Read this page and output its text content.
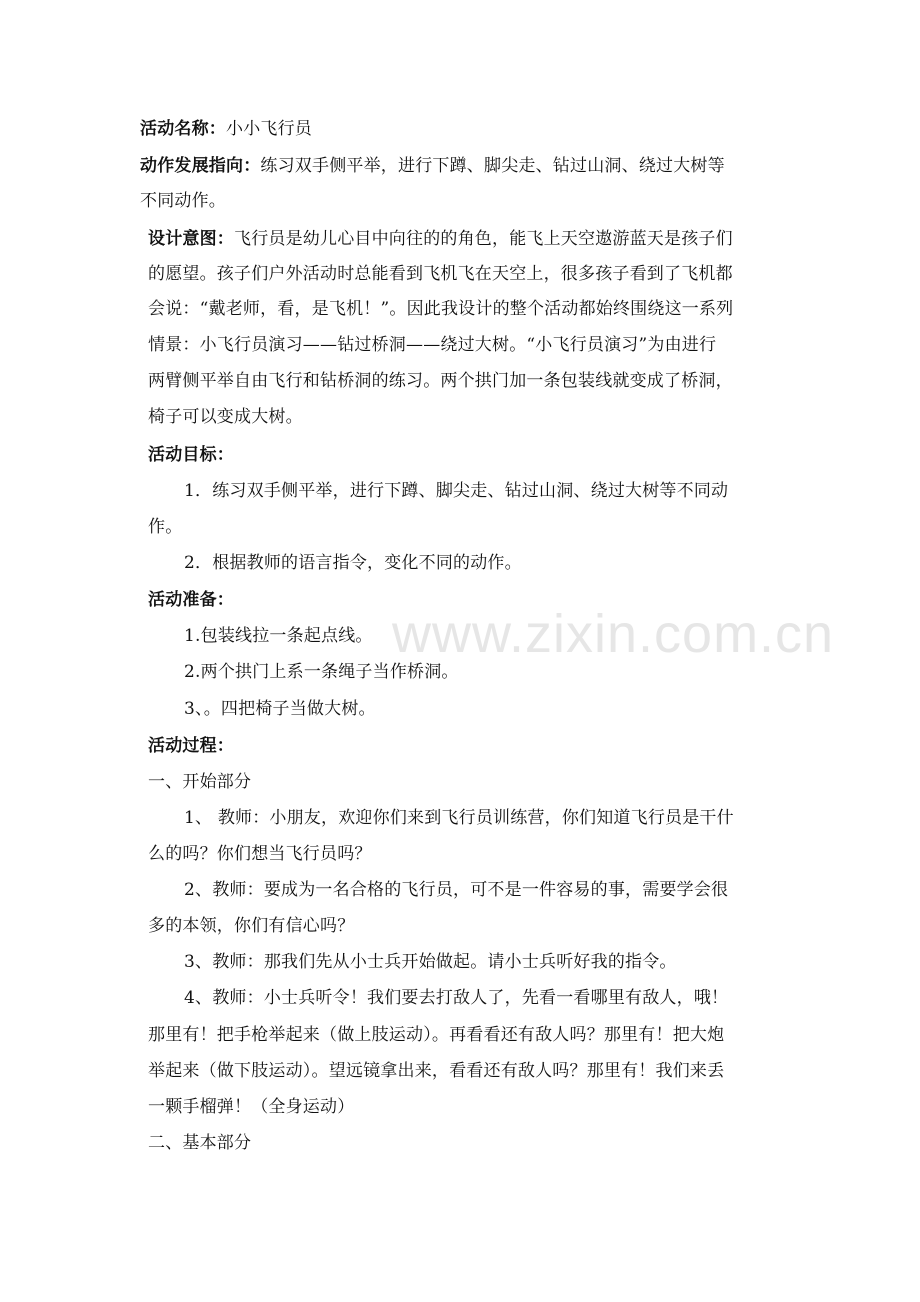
www.zixin.com.cn
活动名称：小小飞行员
动作发展指向：练习双手侧平举，进行下蹲、脚尖走、钻过山洞、绕过大树等
不同动作。
设计意图：飞行员是幼儿心目中向往的的角色，能飞上天空遨游蓝天是孩子们
的愿望。孩子们户外活动时总能看到飞机飞在天空上，很多孩子看到了飞机都
会说：“戴老师，看，是飞机！”。因此我设计的整个活动都始终围绕这一系列
情景：小飞行员演习——钻过桥洞——绕过大树。“小飞行员演习”为由进行
两臂侧平举自由飞行和钻桥洞的练习。两个拱门加一条包装线就变成了桥洞，
椅子可以变成大树。
活动目标：
1．练习双手侧平举，进行下蹲、脚尖走、钻过山洞、绕过大树等不同动
作。
2．根据教师的语言指令，变化不同的动作。
活动准备：
1.包装线拉一条起点线。
2.两个拱门上系一条绳子当作桥洞。
3、。四把椅子当做大树。
活动过程：
一、开始部分
1、 教师：小朋友，欢迎你们来到飞行员训练营，你们知道飞行员是干什
么的吗？你们想当飞行员吗？
2、教师：要成为一名合格的飞行员，可不是一件容易的事，需要学会很
多的本领，你们有信心吗？
3、教师：那我们先从小士兵开始做起。请小士兵听好我的指令。
4、教师：小士兵听令！我们要去打敌人了，先看一看哪里有敌人，哦！
那里有！把手枪举起来（做上肢运动）。再看看还有敌人吗？那里有！把大炮
举起来（做下肢运动）。望远镜拿出来，看看还有敌人吗？那里有！我们来丢
一颗手榴弹！（全身运动）
二、基本部分
